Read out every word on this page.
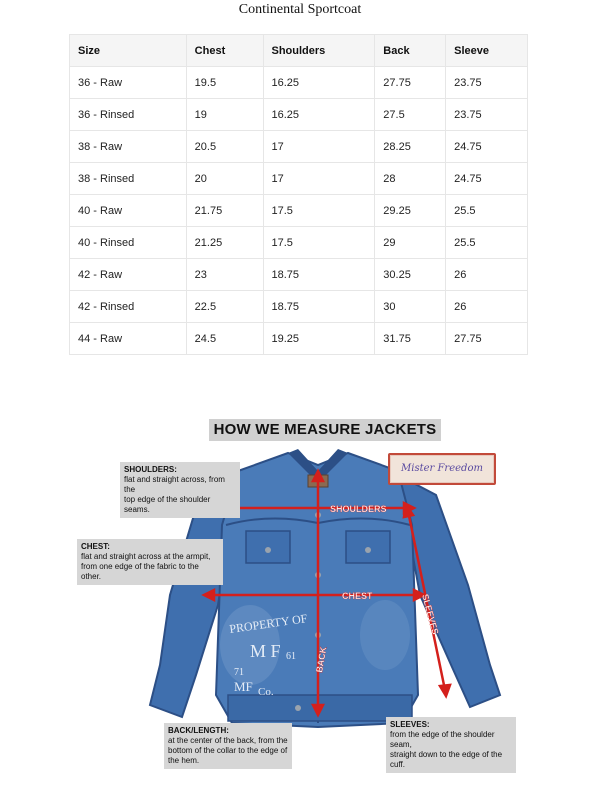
Continental Sportcoat
Size	Chest	Shoulders	Back	Sleeve
36 - Raw	19.5	16.25	27.75	23.75
36 - Rinsed	19	16.25	27.5	23.75
38 - Raw	20.5	17	28.25	24.75
38 - Rinsed	20	17	28	24.75
40 - Raw	21.75	17.5	29.25	25.5
40 - Rinsed	21.25	17.5	29	25.5
42 - Raw	23	18.75	30.25	26
42 - Rinsed	22.5	18.75	30	26
44 - Raw	24.5	19.25	31.75	27.75
PROPERTY OF
M F
71
61
MF Co.
SHOULDERS
CHEST
BACK
SLEEVES
HOW WE MEASURE JACKETS
Mister Freedom
SHOULDERS:
flat and straight across, from the
top edge of the shoulder seams.
CHEST:
flat and straight across at the armpit,
from one edge of the fabric to the other.
BACK/LENGTH:
at the center of the back, from the
bottom of the collar to the edge of
the hem.
SLEEVES:
from the edge of the shoulder seam,
straight down to the edge of the cuff.
